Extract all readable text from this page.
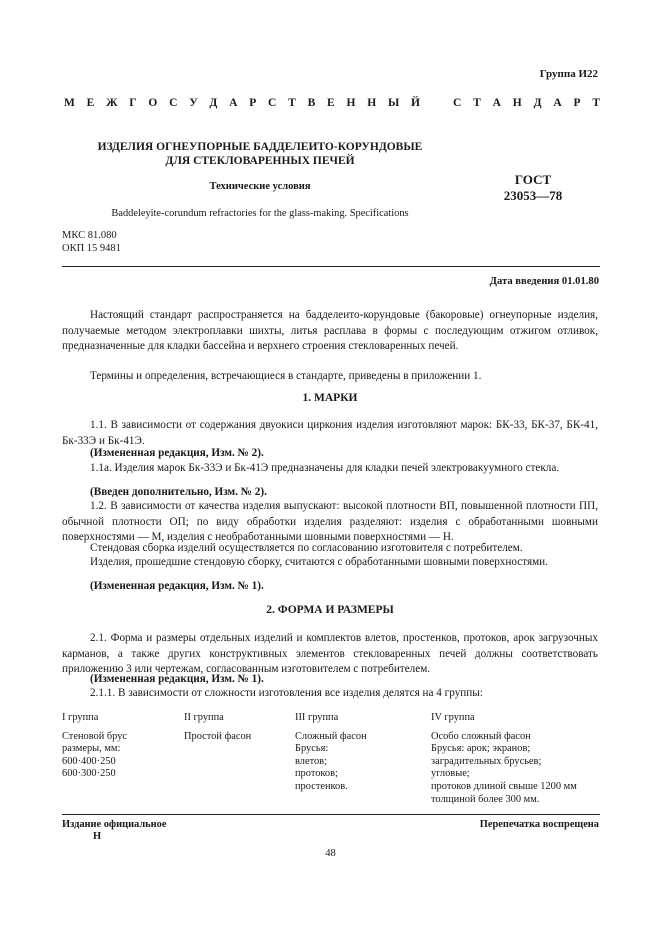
Группа И22
М Е Ж Г О С У Д А Р С Т В Е Н Н Ы Й	С Т А Н Д А Р Т
ИЗДЕЛИЯ ОГНЕУПОРНЫЕ БАДДЕЛЕИТО-КОРУНДОВЫЕ
ДЛЯ СТЕКЛОВАРЕННЫХ ПЕЧЕЙ
Технические условия	ГОСТ
23053—78
Baddeleyite-corundum refractories for the glass-making. Specifications
МКС 81.080
ОКП 15 9481
Дата введения 01.01.80

Настоящий стандарт распространяется на бадделеито-корундовые (бакоровые) огнеупорные изделия, получаемые методом электроплавки шихты, литья расплава в формы с последующим отжигом отливок, предназначенные для кладки бассейна и верхнего строения стекловаренных печей.

Термины и определения, встречающиеся в стандарте, приведены в приложении 1.

1. МАРКИ

1.1. В зависимости от содержания двуокиси циркония изделия изготовляют марок: БК-33, БК-37, БК-41, Бк-33Э и Бк-41Э.

(Измененная редакция, Изм. № 2).

1.1а. Изделия марок Бк-33Э и Бк-41Э предназначены для кладки печей электровакуумного стекла.

(Введен дополнительно, Изм. № 2).

1.2. В зависимости от качества изделия выпускают: высокой плотности ВП, повышенной плотности ПП, обычной плотности ОП; по виду обработки изделия разделяют: изделия с обработанными шовными поверхностями — М, изделия с необработанными шовными поверхностями — Н.

Стендовая сборка изделий осуществляется по согласованию изготовителя с потребителем.

Изделия, прошедшие стендовую сборку, считаются с обработанными шовными поверхностями.

(Измененная редакция, Изм. № 1).

2. ФОРМА И РАЗМЕРЫ

2.1. Форма и размеры отдельных изделий и комплектов влетов, простенков, протоков, арок загрузочных карманов, а также других конструктивных элементов стекловаренных печей должны соответствовать приложению 3 или чертежам, согласованным изготовителем с потребителем.

(Измененная редакция, Изм. № 1).

2.1.1. В зависимости от сложности изготовления все изделия делятся на 4 группы:

I группа
Стеновой брус
размеры, мм:
600·400·250
600·300·250
II группа
Простой фасон
III группа
Сложный фасон
Брусья:
влетов;
протоков;
простенков.
IV группа
Особо сложный фасон
Брусья: арок; экранов;
заградительных брусьев;
угловые;
протоков длиной свыше 1200 мм
толщиной более 300 мм.
Издание официальное
Н
Перепечатка воспрещена
48
